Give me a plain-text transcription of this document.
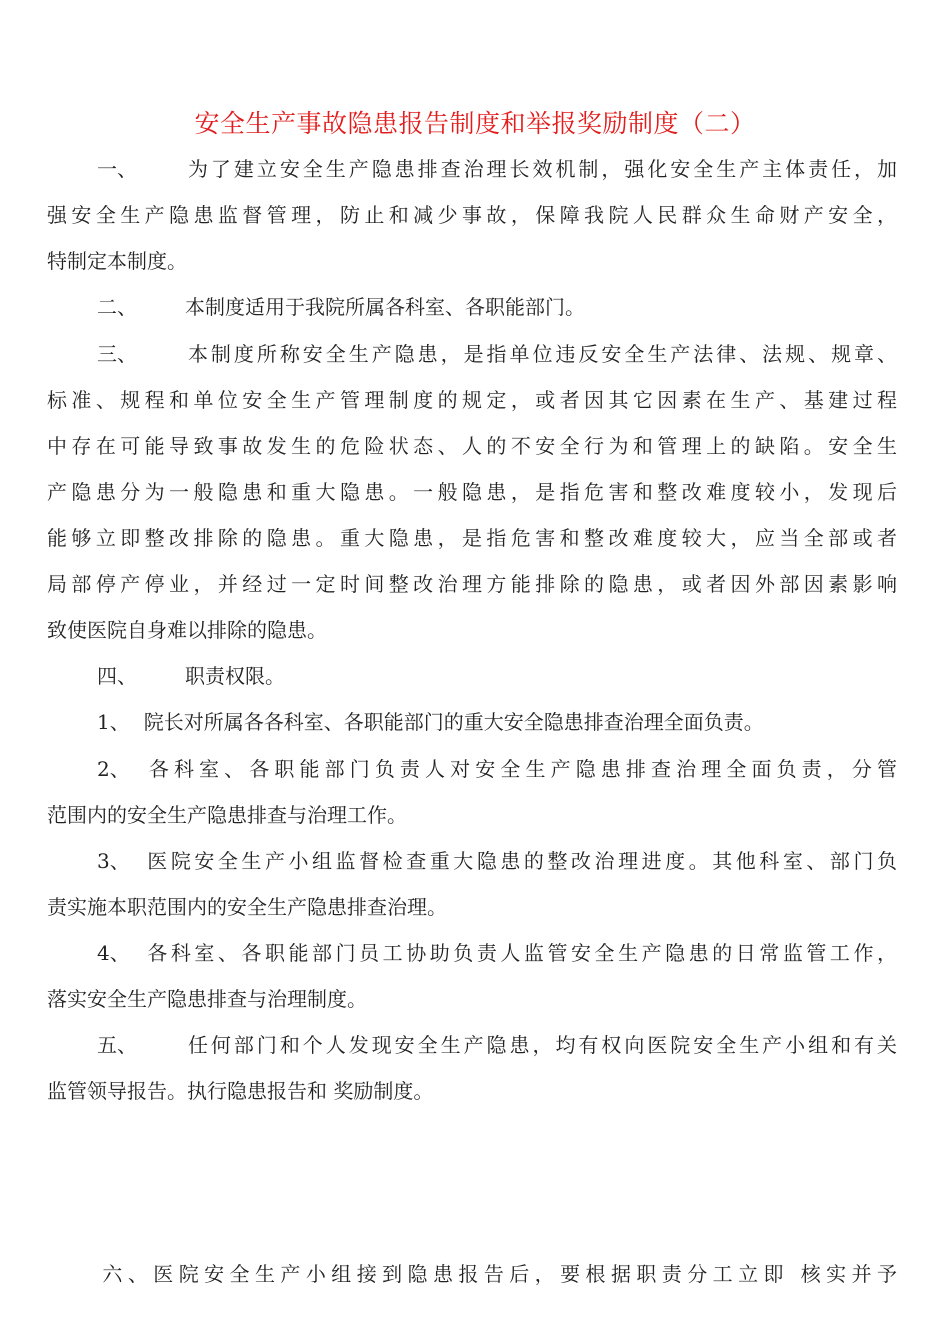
安全生产事故隐患报告制度和举报奖励制度（二）
一、 为了建立安全生产隐患排查治理长效机制，强化安全生产主体责任，加
强安全生产隐患监督管理，防止和减少事故，保障我院人民群众生命财产安全，
特制定本制度。
二、 本制度适用于我院所属各科室、各职能部门。
三、 本制度所称安全生产隐患，是指单位违反安全生产法律、法规、规章、
标准、规程和单位安全生产管理制度的规定，或者因其它因素在生产、基建过程
中存在可能导致事故发生的危险状态、人的不安全行为和管理上的缺陷。安全生
产隐患分为一般隐患和重大隐患。一般隐患，是指危害和整改难度较小，发现后
能够立即整改排除的隐患。重大隐患，是指危害和整改难度较大，应当全部或者
局部停产停业，并经过一定时间整改治理方能排除的隐患，或者因外部因素影响
致使医院自身难以排除的隐患。
四、 职责权限。
1、 院长对所属各各科室、各职能部门的重大安全隐患排查治理全面负责。
2、 各科室、各职能部门负责人对安全生产隐患排查治理全面负责，分管
范围内的安全生产隐患排查与治理工作。
3、 医院安全生产小组监督检查重大隐患的整改治理进度。其他科室、部门负
责实施本职范围内的安全生产隐患排查治理。
4、 各科室、各职能部门员工协助负责人监管安全生产隐患的日常监管工作，
落实安全生产隐患排查与治理制度。
五、 任何部门和个人发现安全生产隐患，均有权向医院安全生产小组和有关
监管领导报告。执行隐患报告和 奖励制度。
六、医院安全生产小组接到隐患报告后，要根据职责分工立即 核实并予
